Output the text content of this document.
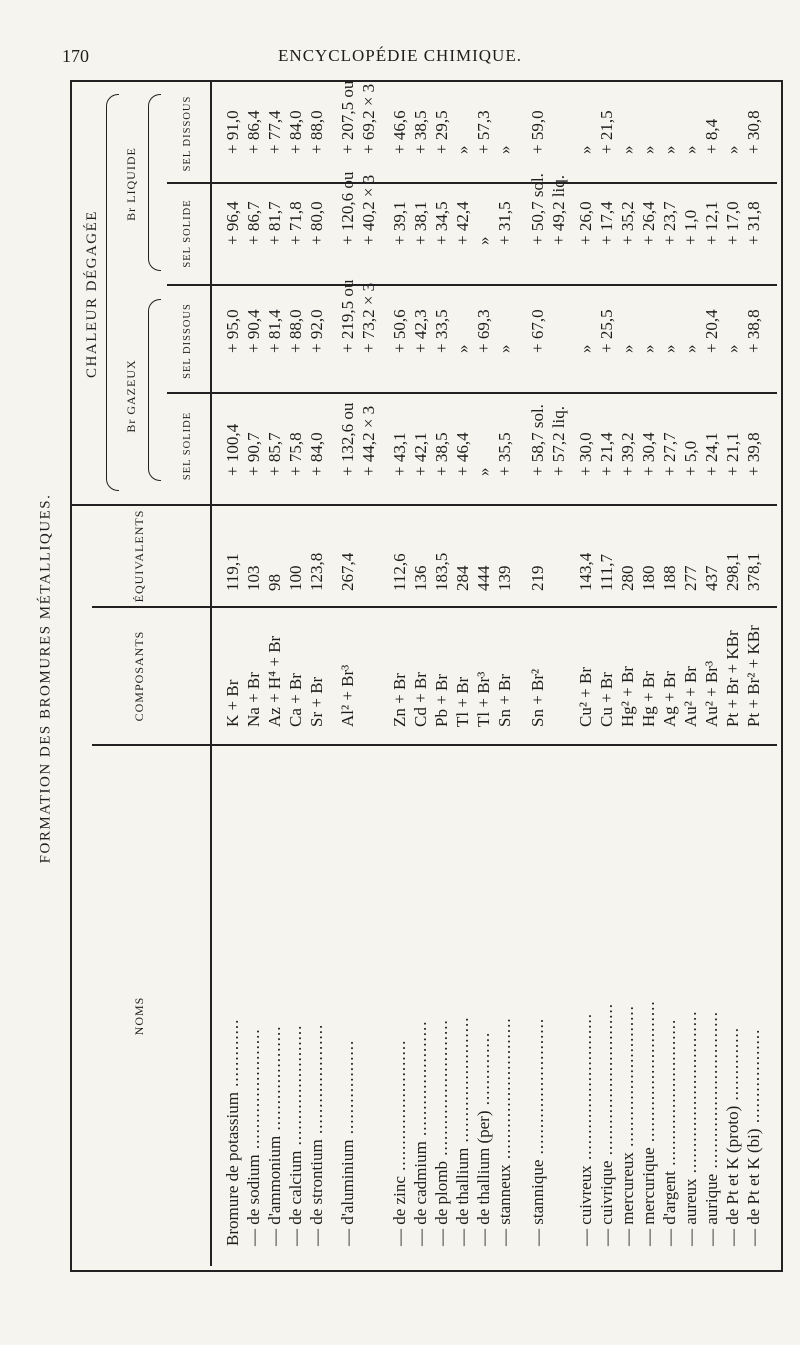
170	ENCYCLOPÉDIE CHIMIQUE.
FORMATION DES BROMURES MÉTALLIQUES.
NOMS
COMPOSANTS
ÉQUIVALENTS
CHALEUR DÉGAGÉE
Br GAZEUX
Br LIQUIDE
SEL SOLIDE
SEL DISSOUS
SEL SOLIDE
SEL DISSOUS
Bromure de potassium .............
K + Br
119,1
+ 100,4
+ 95,0
+ 96,4
+ 91,0
— de sodium .......................
Na + Br
103
+ 90,7
+ 90,4
+ 86,7
+ 86,4
— d'ammonium ....................
Az + H⁴ + Br
98
+ 85,7
+ 81,4
+ 81,7
+ 77,4
— de calcium .......................
Ca + Br
100
+ 75,8
+ 88,0
+ 71,8
+ 84,0
— de strontium .....................
Sr + Br
123,8
+ 84,0
+ 92,0
+ 80,0
+ 88,0
— d'aluminium ..................
Al² + Br³
267,4
+ 132,6 ou
+ 219,5 ou
+ 120,6 ou
+ 207,5 ou
+ 44,2 × 3
+ 73,2 × 3
+ 40,2 × 3
+ 69,2 × 3
— de zinc .........................
Zn + Br
112,6
+ 43,1
+ 50,6
+ 39,1
+ 46,6
— de cadmium ......................
Cd + Br
136
+ 42,1
+ 42,3
+ 38,1
+ 38,5
— de plomb ..........................
Pb + Br
183,5
+ 38,5
+ 33,5
+ 34,5
+ 29,5
— de thallium ........................
Tl + Br
284
+ 46,4
»
+ 42,4
»
— de thallium (per) ..............
Tl + Br³
444
»
+ 69,3
»
+ 57,3
— stanneux ...........................
Sn + Br
139
+ 35,5
»
+ 31,5
»
— stannique ..........................
Sn + Br²
219
+ 58,7 sol.
+ 67,0
+ 50,7 sol.
+ 59,0
+ 57,2 liq.
+ 49,2 liq.
— cuivreux ............................
Cu² + Br
143,4
+ 30,0
»
+ 26,0
»
— cuivrique .............................
Cu + Br
111,7
+ 21,4
+ 25,5
+ 17,4
+ 21,5
— mercureux ...........................
Hg² + Br
280
+ 39,2
»
+ 35,2
»
— mercurique ...........................
Hg + Br
180
+ 30,4
»
+ 26,4
»
— d'argent ............................
Ag + Br
188
+ 27,7
»
+ 23,7
»
— aureux ...............................
Au² + Br
277
+ 5,0
»
+ 1,0
»
— aurique ..............................
Au² + Br³
437
+ 24,1
+ 20,4
+ 12,1
+ 8,4
— de Pt et K (proto) ..............
Pt + Br + KBr
298,1
+ 21,1
»
+ 17,0
»
— de Pt et K (bi) ..................
Pt + Br² + KBr
378,1
+ 39,8
+ 38,8
+ 31,8
+ 30,8
